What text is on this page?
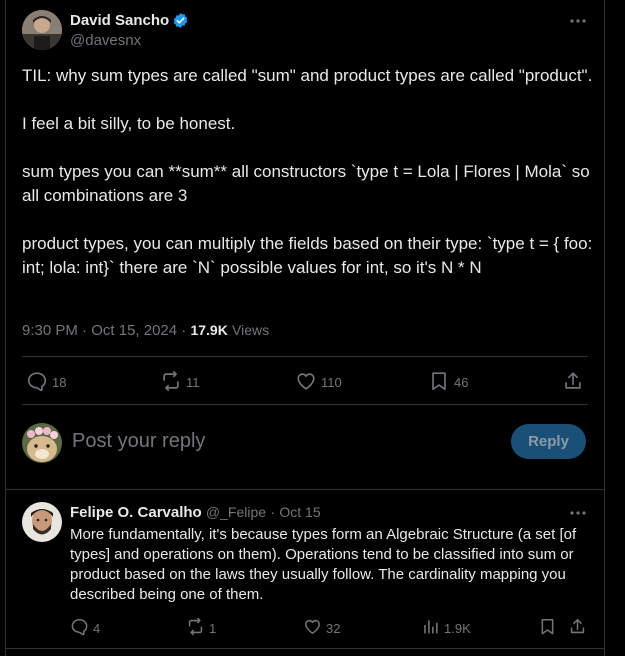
David Sancho
@davesnx

TIL: why sum types are called "sum" and product types are called "product".

I feel a bit silly, to be honest.

sum types you can **sum** all constructors `type t = Lola | Flores | Mola` so all combinations are 3

product types, you can multiply the fields based on their type: `type t = { foo: int; lola: int}` there are `N` possible values for int, so it's N * N

9:30 PM · Oct 15, 2024 · 17.9K Views
18	11	110	46
Post your reply
Reply
Felipe O. Carvalho @_Felipe · Oct 15

More fundamentally, it's because types form an Algebraic Structure (a set [of types] and operations on them). Operations tend to be classified into sum or product based on the laws they usually follow. The cardinality mapping you described being one of them.

4	1	32	1.9K
